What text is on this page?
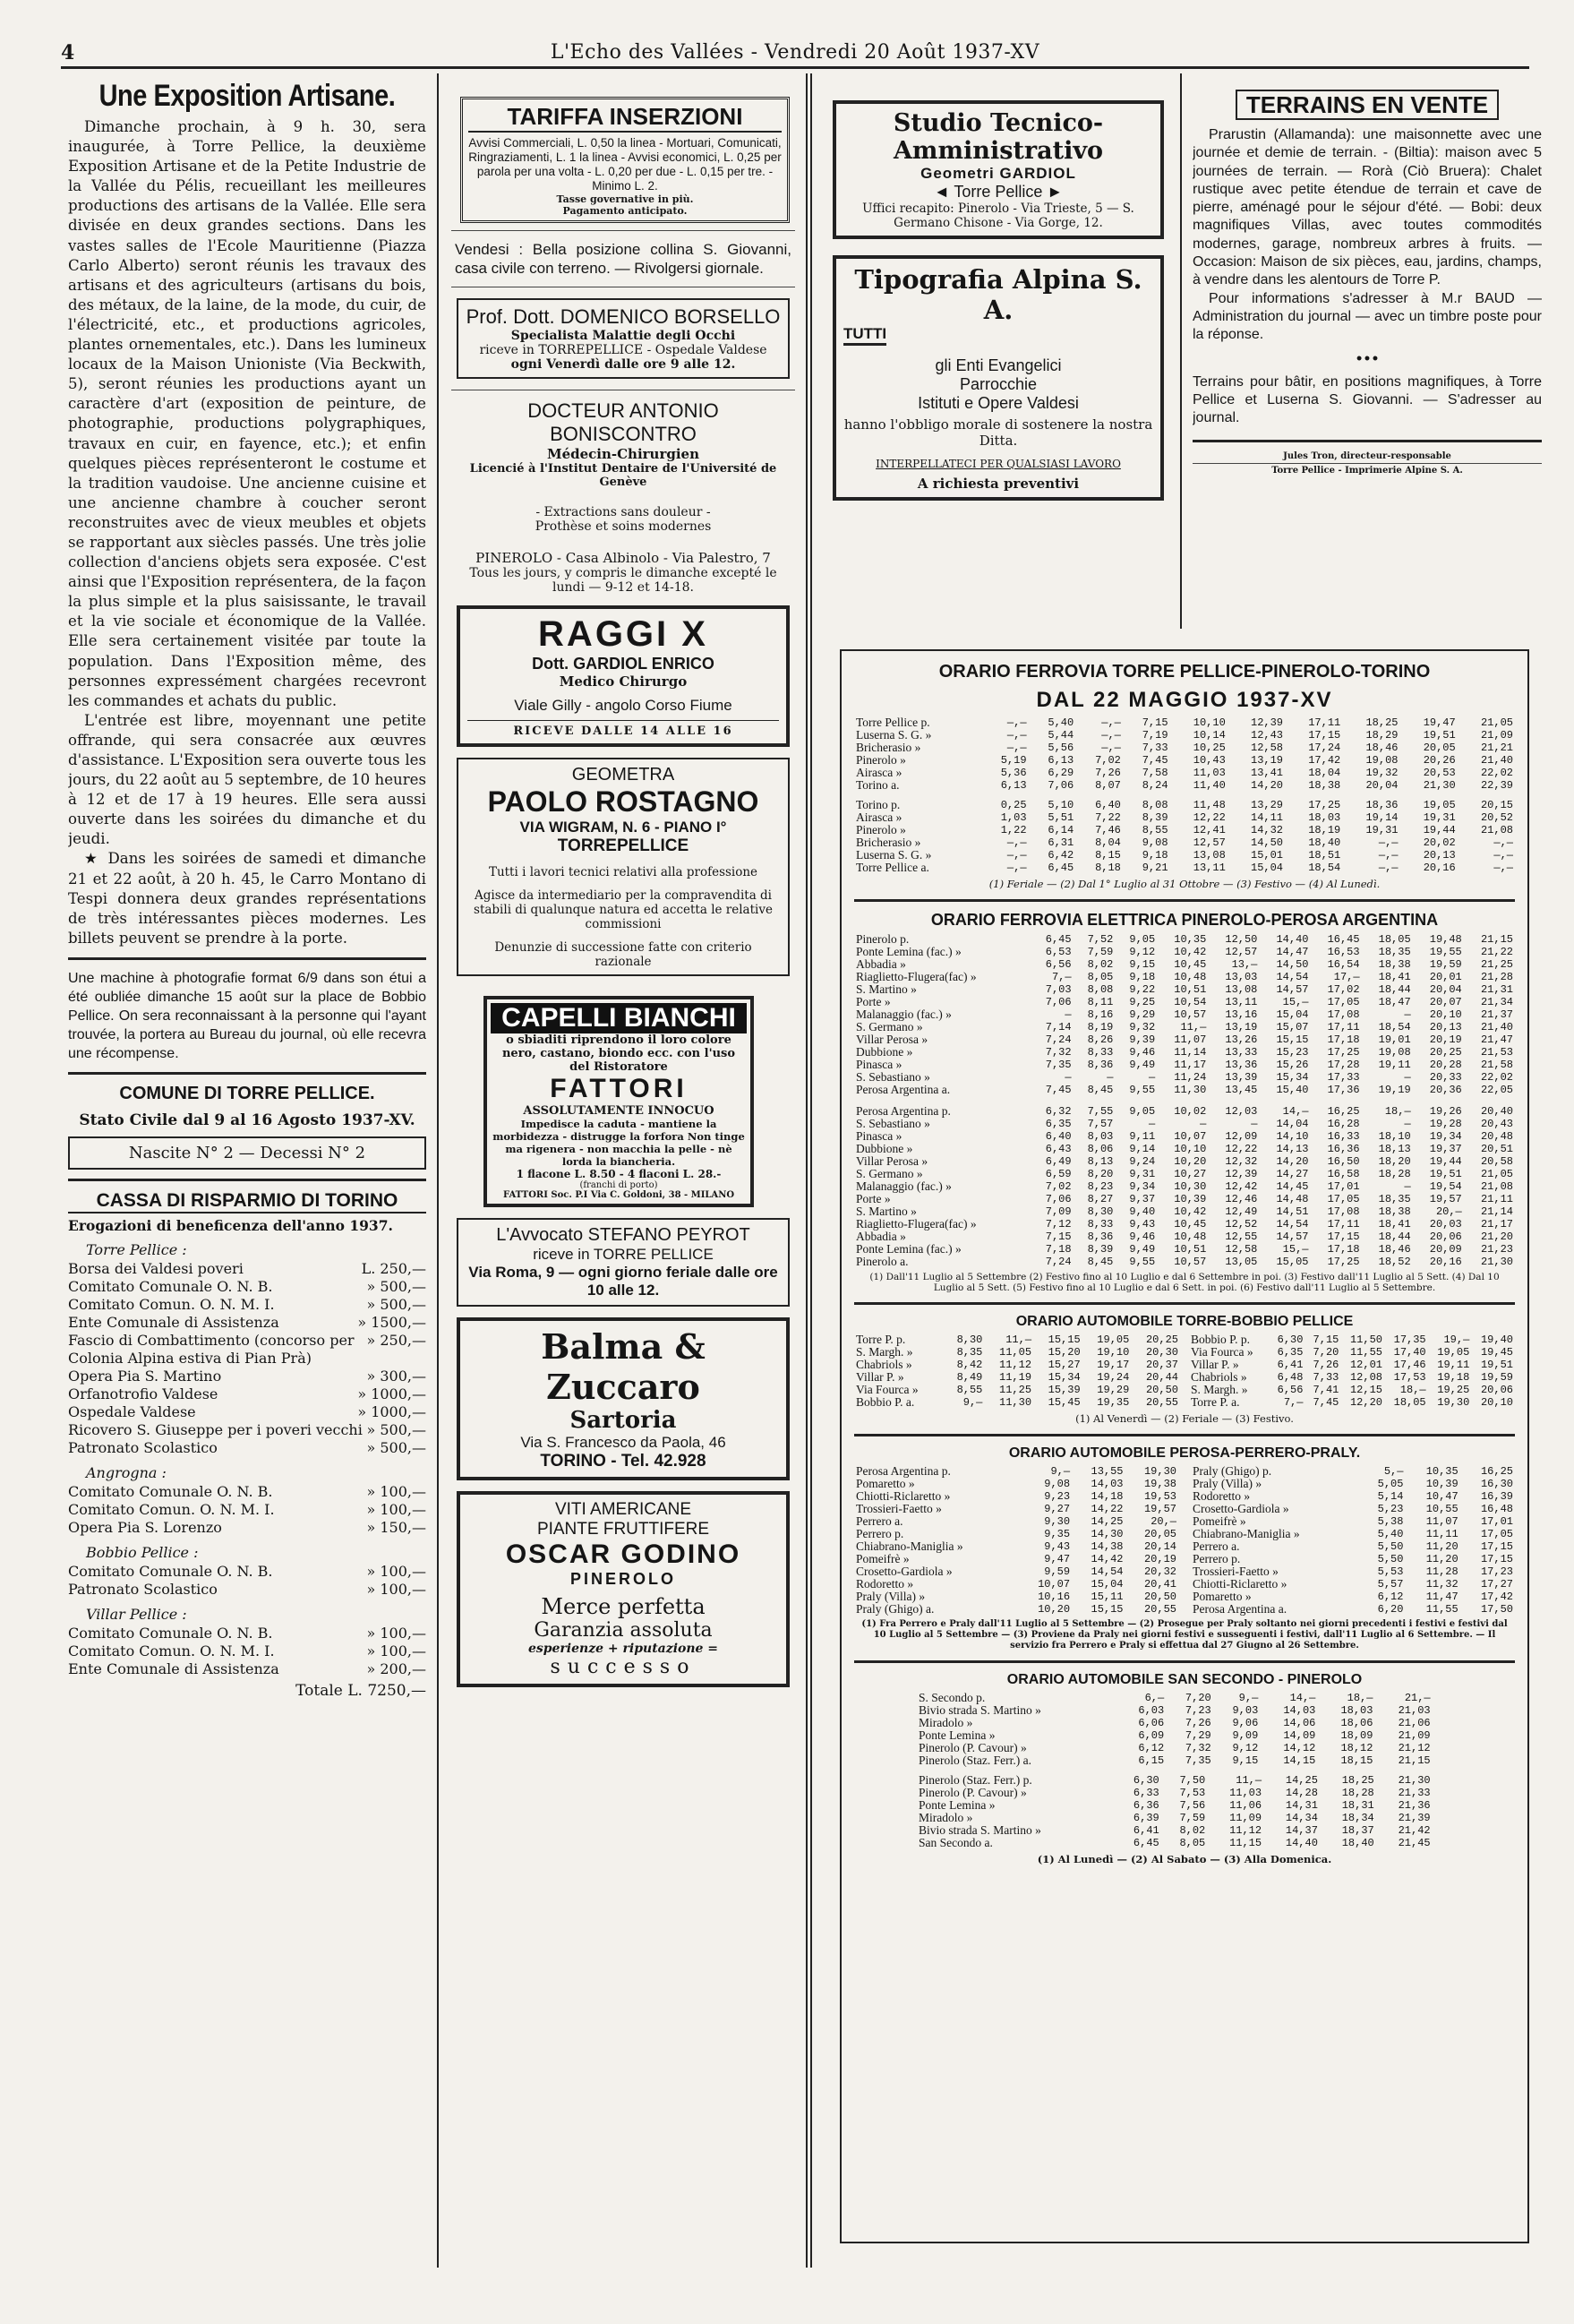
4	L'Echo des Vallées - Vendredi 20 Août 1937-XV
Une Exposition Artisane.

Dimanche prochain, à 9 h. 30, sera inaugurée, à Torre Pellice, la deuxième Exposition Artisane et de la Petite Industrie de la Vallée du Pélis, recueillant les meilleures productions des artisans de la Vallée. Elle sera divisée en deux grandes sections. Dans les vastes salles de l'Ecole Mauritienne (Piazza Carlo Alberto) seront réunis les travaux des artisans et des agriculteurs (artisans du bois, des métaux, de la laine, de la mode, du cuir, de l'électricité, etc., et productions agricoles, plantes ornementales, etc.). Dans les lumineux locaux de la Maison Unioniste (Via Beckwith, 5), seront réunies les productions ayant un caractère d'art (exposition de peinture, de photographie, productions polygraphiques, travaux en cuir, en fayence, etc.); et enfin quelques pièces représenteront le costume et la tradition vaudoise. Une ancienne cuisine et une ancienne chambre à coucher seront reconstruites avec de vieux meubles et objets se rapportant aux siècles passés. Une très jolie collection d'anciens objets sera exposée. C'est ainsi que l'Exposition représentera, de la façon la plus simple et la plus saisissante, le travail et la vie sociale et économique de la Vallée. Elle sera certainement visitée par toute la population. Dans l'Exposition même, des personnes expressément chargées recevront les commandes et achats du public.

L'entrée est libre, moyennant une petite offrande, qui sera consacrée aux œuvres d'assistance. L'Exposition sera ouverte tous les jours, du 22 août au 5 septembre, de 10 heures à 12 et de 17 à 19 heures. Elle sera aussi ouverte dans les soirées du dimanche et du jeudi.

★ Dans les soirées de samedi et dimanche 21 et 22 août, à 20 h. 45, le Carro Montano di Tespi donnera deux grandes représentations de très intéressantes pièces modernes. Les billets peuvent se prendre à la porte.

Une machine à photografie format 6/9 dans son étui a été oubliée dimanche 15 août sur la place de Bobbio Pellice. On sera reconnaissant à la personne qui l'ayant trouvée, la portera au Bureau du journal, où elle recevra une récompense.

COMUNE DI TORRE PELLICE.
Stato Civile dal 9 al 16 Agosto 1937-XV.
Nascite N° 2 — Decessi N° 2
CASSA DI RISPARMIO DI TORINO
Erogazioni di beneficenza dell'anno 1937.
Torre Pellice :
Borsa dei Valdesi poveri	L. 250,—
Comitato Comunale O. N. B.	» 500,—
Comitato Comun. O. N. M. I.	» 500,—
Ente Comunale di Assistenza	» 1500,—
Fascio di Combattimento (concorso per Colonia Alpina estiva di Pian Prà)
» 250,—
Opera Pia S. Martino	» 300,—
Orfanotrofio Valdese	» 1000,—
Ospedale Valdese	» 1000,—
Ricovero S. Giuseppe per i poveri vecchi » 500,—
Patronato Scolastico	» 500,—
Angrogna :
Comitato Comunale O. N. B.	» 100,—
Comitato Comun. O. N. M. I.	» 100,—
Opera Pia S. Lorenzo	» 150,—
Bobbio Pellice :
Comitato Comunale O. N. B.	» 100,—
Patronato Scolastico	» 100,—
Villar Pellice :
Comitato Comunale O. N. B.	» 100,—
Comitato Comun. O. N. M. I.	» 100,—
Ente Comunale di Assistenza	» 200,—
Totale L. 7250,—
TARIFFA INSERZIONI
Avvisi Commerciali, L. 0,50 la linea - Mortuari, Comunicati, Ringraziamenti, L. 1 la linea - Avvisi economici, L. 0,25 per parola per una volta - L. 0,20 per due - L. 0,15 per tre. - Minimo L. 2.
Tasse governative in più.
Pagamento anticipato.

Vendesi : Bella posizione collina S. Giovanni, casa civile con terreno. — Rivolgersi giornale.

Prof. Dott. DOMENICO BORSELLO
Specialista Malattie degli Occhi
riceve in TORREPELLICE - Ospedale Valdese
ogni Venerdì dalle ore 9 alle 12.
DOCTEUR ANTONIO BONISCONTRO
Médecin-Chirurgien
Licencié à l'Institut Dentaire de l'Université de Genève
- Extractions sans douleur -
Prothèse et soins modernes
PINEROLO - Casa Albinolo - Via Palestro, 7
Tous les jours, y compris le dimanche excepté le lundi — 9-12 et 14-18.
RAGGI X
Dott. GARDIOL ENRICO
Medico Chirurgo
Viale Gilly - angolo Corso Fiume
RICEVE DALLE 14 ALLE 16
GEOMETRA
PAOLO ROSTAGNO
VIA WIGRAM, N. 6 - PIANO I°
TORREPELLICE
Tutti i lavori tecnici relativi alla professione
Agisce da intermediario per la compravendita di stabili di qualunque natura ed accetta le relative commissioni
Denunzie di successione fatte con criterio razionale
CAPELLI BIANCHI
o sbiaditi riprendono il loro colore nero, castano, biondo ecc. con l'uso del Ristoratore
FATTORI
ASSOLUTAMENTE INNOCUO
Impedisce la caduta - mantiene la morbidezza - distrugge la forfora Non tinge ma rigenera - non macchia la pelle - nè lorda la biancheria.
1 flacone L. 8.50 - 4 flaconi L. 28.-
(franchi di porto)
FATTORI Soc. P.I Via C. Goldoni, 38 - MILANO
L'Avvocato STEFANO PEYROT
riceve in TORRE PELLICE
Via Roma, 9 — ogni giorno feriale dalle ore 10 alle 12.
Balma & Zuccaro
Sartoria
Via S. Francesco da Paola, 46
TORINO - Tel. 42.928
VITI AMERICANE
PIANTE FRUTTIFERE
OSCAR GODINO
PINEROLO
Merce perfetta
Garanzia assoluta
esperienze + riputazione =
successo
Studio Tecnico-Amministrativo
Geometri GARDIOL
◄ Torre Pellice ►
Uffici recapito: Pinerolo - Via Trieste, 5 — S. Germano Chisone - Via Gorge, 12.
Tipografia Alpina S. A.
TUTTI
gli Enti Evangelici
Parrocchie
Istituti e Opere Valdesi
hanno l'obbligo morale di sostenere la nostra Ditta.
INTERPELLATECI PER QUALSIASI LAVORO
A richiesta preventivi
TERRAINS EN VENTE

Prarustin (Allamanda): une maisonnette avec une journée et demie de terrain. - (Biltia): maison avec 5 journées de terrain. — Rorà (Ciò Bruera): Chalet rustique avec petite étendue de terrain et cave de pierre, aménagé pour le séjour d'été. — Bobi: deux magnifiques Villas, avec toutes commodités modernes, garage, nombreux arbres à fruits. — Occasion: Maison de six pièces, eau, jardins, champs, à vendre dans les alentours de Torre P.

Pour informations s'adresser à M.r BAUD — Administration du journal — avec un timbre poste pour la réponse.

•••

Terrains pour bâtir, en positions magnifiques, à Torre Pellice et Luserna S. Giovanni. — S'adresser au journal.

Jules Tron, directeur-responsable
Torre Pellice - Imprimerie Alpine S. A.
ORARIO FERROVIA TORRE PELLICE-PINEROLO-TORINO
DAL 22 MAGGIO 1937-XV
Torre Pellice p.	—,—	5,40	—,—	7,15	10,10	12,39	17,11	18,25	19,47	21,05
Luserna S. G. »	—,—	5,44	—,—	7,19	10,14	12,43	17,15	18,29	19,51	21,09
Bricherasio »	—,—	5,56	—,—	7,33	10,25	12,58	17,24	18,46	20,05	21,21
Pinerolo »	5,19	6,13	7,02	7,45	10,43	13,19	17,42	19,08	20,26	21,40
Airasca »	5,36	6,29	7,26	7,58	11,03	13,41	18,04	19,32	20,53	22,02
Torino a.	6,13	7,06	8,07	8,24	11,40	14,20	18,38	20,04	21,30	22,39
Torino p.	0,25	5,10	6,40	8,08	11,48	13,29	17,25	18,36	19,05	20,15
Airasca »	1,03	5,51	7,22	8,39	12,22	14,11	18,03	19,14	19,31	20,52
Pinerolo »	1,22	6,14	7,46	8,55	12,41	14,32	18,19	19,31	19,44	21,08
Bricherasio »	—,—	6,31	8,04	9,08	12,57	14,50	18,40	—,—	20,02	—,—
Luserna S. G. »	—,—	6,42	8,15	9,18	13,08	15,01	18,51	—,—	20,13	—,—
Torre Pellice a.	—,—	6,45	8,18	9,21	13,11	15,04	18,54	—,—	20,16	—,—
(1) Feriale — (2) Dal 1° Luglio al 31 Ottobre — (3) Festivo — (4) Al Lunedì.
ORARIO FERROVIA ELETTRICA PINEROLO-PEROSA ARGENTINA
Pinerolo p.	6,45	7,52	9,05	10,35	12,50	14,40	16,45	18,05	19,48	21,15
Ponte Lemina (fac.) »	6,53	7,59	9,12	10,42	12,57	14,47	16,53	18,35	19,55	21,22
Abbadia »	6,56	8,02	9,15	10,45	13,—	14,50	16,54	18,38	19,59	21,25
Riaglietto-Flugera(fac) »	7,—	8,05	9,18	10,48	13,03	14,54	17,—	18,41	20,01	21,28
S. Martino »	7,03	8,08	9,22	10,51	13,08	14,57	17,02	18,44	20,04	21,31
Porte »	7,06	8,11	9,25	10,54	13,11	15,—	17,05	18,47	20,07	21,34
Malanaggio (fac.) »	—	8,16	9,29	10,57	13,16	15,04	17,08	—	20,10	21,37
S. Germano »	7,14	8,19	9,32	11,—	13,19	15,07	17,11	18,54	20,13	21,40
Villar Perosa »	7,24	8,26	9,39	11,07	13,26	15,15	17,18	19,01	20,19	21,47
Dubbione »	7,32	8,33	9,46	11,14	13,33	15,23	17,25	19,08	20,25	21,53
Pinasca »	7,35	8,36	9,49	11,17	13,36	15,26	17,28	19,11	20,28	21,58
S. Sebastiano »	—	—	—	11,24	13,39	15,34	17,33	—	20,33	22,02
Perosa Argentina a.	7,45	8,45	9,55	11,30	13,45	15,40	17,36	19,19	20,36	22,05
Perosa Argentina p.	6,32	7,55	9,05	10,02	12,03	14,—	16,25	18,—	19,26	20,40
S. Sebastiano »	6,35	7,57	—	—	—	14,04	16,28	—	19,28	20,43
Pinasca »	6,40	8,03	9,11	10,07	12,09	14,10	16,33	18,10	19,34	20,48
Dubbione »	6,43	8,06	9,14	10,10	12,22	14,13	16,36	18,13	19,37	20,51
Villar Perosa »	6,49	8,13	9,24	10,20	12,32	14,20	16,50	18,20	19,44	20,58
S. Germano »	6,59	8,20	9,31	10,27	12,39	14,27	16,58	18,28	19,51	21,05
Malanaggio (fac.) »	7,02	8,23	9,34	10,30	12,42	14,45	17,01	—	19,54	21,08
Porte »	7,06	8,27	9,37	10,39	12,46	14,48	17,05	18,35	19,57	21,11
S. Martino »	7,09	8,30	9,40	10,42	12,49	14,51	17,08	18,38	20,—	21,14
Riaglietto-Flugera(fac) »	7,12	8,33	9,43	10,45	12,52	14,54	17,11	18,41	20,03	21,17
Abbadia »	7,15	8,36	9,46	10,48	12,55	14,57	17,15	18,44	20,06	21,20
Ponte Lemina (fac.) »	7,18	8,39	9,49	10,51	12,58	15,—	17,18	18,46	20,09	21,23
Pinerolo a.	7,24	8,45	9,55	10,57	13,05	15,05	17,25	18,52	20,16	21,30
(1) Dall'11 Luglio al 5 Settembre (2) Festivo fino al 10 Luglio e dal 6 Settembre in poi. (3) Festivo dall'11 Luglio al 5 Sett. (4) Dal 10 Luglio al 5 Sett. (5) Festivo fino al 10 Luglio e dal 6 Sett. in poi. (6) Festivo dall'11 Luglio al 5 Settembre.
ORARIO AUTOMOBILE TORRE-BOBBIO PELLICE
Torre P. p.	8,30	11,—	15,15	19,05	20,25
S. Margh. »	8,35	11,05	15,20	19,10	20,30
Chabriols »	8,42	11,12	15,27	19,17	20,37
Villar P. »	8,49	11,19	15,34	19,24	20,44
Via Fourca »	8,55	11,25	15,39	19,29	20,50
Bobbio P. a.	9,—	11,30	15,45	19,35	20,55
Bobbio P. p.	6,30	7,15	11,50	17,35	19,—	19,40
Via Fourca »	6,35	7,20	11,55	17,40	19,05	19,45
Villar P. »	6,41	7,26	12,01	17,46	19,11	19,51
Chabriols »	6,48	7,33	12,08	17,53	19,18	19,59
S. Margh. »	6,56	7,41	12,15	18,—	19,25	20,06
Torre P. a.	7,—	7,45	12,20	18,05	19,30	20,10
(1) Al Venerdì — (2) Feriale — (3) Festivo.
ORARIO AUTOMOBILE PEROSA-PERRERO-PRALY.
Perosa Argentina p.	9,—	13,55	19,30
Pomaretto »	9,08	14,03	19,38
Chiotti-Riclaretto »	9,23	14,18	19,53
Trossieri-Faetto »	9,27	14,22	19,57
Perrero a.	9,30	14,25	20,—
Perrero p.	9,35	14,30	20,05
Chiabrano-Maniglia »	9,43	14,38	20,14
Pomeifrè »	9,47	14,42	20,19
Crosetto-Gardiola »	9,59	14,54	20,32
Rodoretto »	10,07	15,04	20,41
Praly (Villa) »	10,16	15,11	20,50
Praly (Ghigo) a.	10,20	15,15	20,55
Praly (Ghigo) p.	5,—	10,35	16,25
Praly (Villa) »	5,05	10,39	16,30
Rodoretto »	5,14	10,47	16,39
Crosetto-Gardiola »	5,23	10,55	16,48
Pomeifrè »	5,38	11,07	17,01
Chiabrano-Maniglia »	5,40	11,11	17,05
Perrero a.	5,50	11,20	17,15
Perrero p.	5,50	11,20	17,15
Trossieri-Faetto »	5,53	11,28	17,23
Chiotti-Riclaretto »	5,57	11,32	17,27
Pomaretto »	6,12	11,47	17,42
Perosa Argentina a.	6,20	11,55	17,50
(1) Fra Perrero e Praly dall'11 Luglio al 5 Settembre — (2) Prosegue per Praly soltanto nei giorni precedenti i festivi e festivi dal 10 Luglio al 5 Settembre — (3) Proviene da Praly nei giorni festivi e susseguenti i festivi, dall'11 Luglio al 6 Settembre. — Il servizio fra Perrero e Praly si effettua dal 27 Giugno al 26 Settembre.
ORARIO AUTOMOBILE SAN SECONDO - PINEROLO
S. Secondo p.	6,—	7,20	9,—	14,—	18,—	21,—
Bivio strada S. Martino »	6,03	7,23	9,03	14,03	18,03	21,03
Miradolo »	6,06	7,26	9,06	14,06	18,06	21,06
Ponte Lemina »	6,09	7,29	9,09	14,09	18,09	21,09
Pinerolo (P. Cavour) »	6,12	7,32	9,12	14,12	18,12	21,12
Pinerolo (Staz. Ferr.) a.	6,15	7,35	9,15	14,15	18,15	21,15
Pinerolo (Staz. Ferr.) p.	6,30	7,50	11,—	14,25	18,25	21,30
Pinerolo (P. Cavour) »	6,33	7,53	11,03	14,28	18,28	21,33
Ponte Lemina »	6,36	7,56	11,06	14,31	18,31	21,36
Miradolo »	6,39	7,59	11,09	14,34	18,34	21,39
Bivio strada S. Martino »	6,41	8,02	11,12	14,37	18,37	21,42
San Secondo a.	6,45	8,05	11,15	14,40	18,40	21,45
(1) Al Lunedì — (2) Al Sabato — (3) Alla Domenica.
